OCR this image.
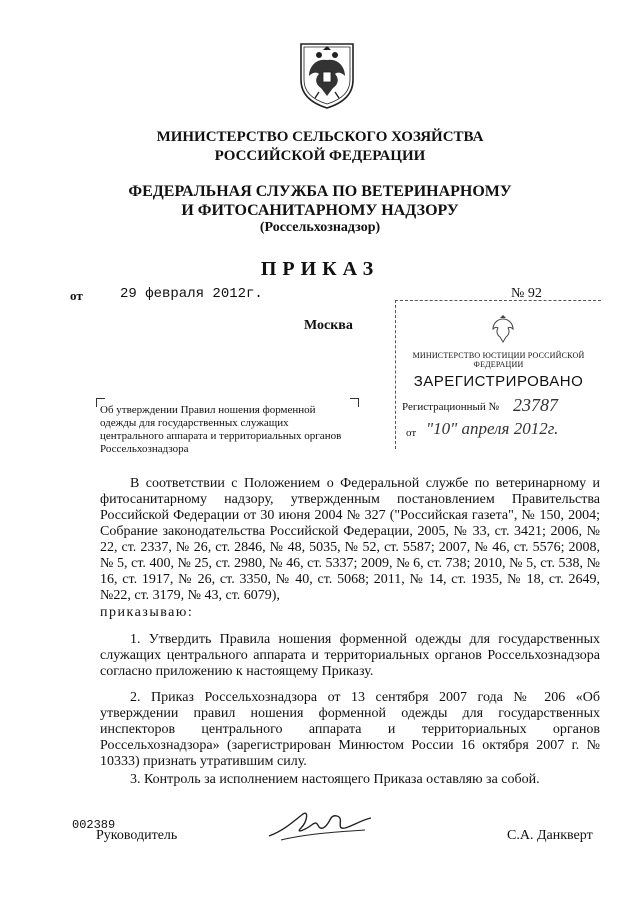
МИНИСТЕРСТВО СЕЛЬСКОГО ХОЗЯЙСТВА
РОССИЙСКОЙ ФЕДЕРАЦИИ
ФЕДЕРАЛЬНАЯ СЛУЖБА ПО ВЕТЕРИНАРНОМУ
И ФИТОСАНИТАРНОМУ НАДЗОРУ
(Россельхознадзор)
ПРИКАЗ
от	29 февраля 2012г.	№ 92
Москва
МИНИСТЕРСТВО ЮСТИЦИИ РОССИЙСКОЙ ФЕДЕРАЦИИ
ЗАРЕГИСТРИРОВАНО
Регистрационный № 23787
от "10" апреля 2012г.
Об утверждении Правил ношения форменной одежды для государственных служащих центрального аппарата и территориальных органов Россельхознадзора
В соответствии с Положением о Федеральной службе по ветеринарному и фитосанитарному надзору, утвержденным постановлением Правительства Российской Федерации от 30 июня 2004 № 327 ("Российская газета", № 150, 2004; Собрание законодательства Российской Федерации, 2005, № 33, ст. 3421; 2006, № 22, ст. 2337, № 26, ст. 2846, № 48, 5035, № 52, ст. 5587; 2007, № 46, ст. 5576; 2008, № 5, ст. 400, № 25, ст. 2980, № 46, ст. 5337; 2009, № 6, ст. 738; 2010, № 5, ст. 538, № 16, ст. 1917, № 26, ст. 3350, № 40, ст. 5068; 2011, № 14, ст. 1935, № 18, ст. 2649, №22, ст. 3179, № 43, ст. 6079),
приказываю:
1. Утвердить Правила ношения форменной одежды для государственных служащих центрального аппарата и территориальных органов Россельхознадзора согласно приложению к настоящему Приказу.
2. Приказ Россельхознадзора от 13 сентября 2007 года № 206 «Об утверждении правил ношения форменной одежды для государственных инспекторов центрального аппарата и территориальных органов Россельхознадзора» (зарегистрирован Минюстом России 16 октября 2007 г. № 10333) признать утратившим силу.
3. Контроль за исполнением настоящего Приказа оставляю за собой.
002389
Руководитель	С.А. Данкверт
